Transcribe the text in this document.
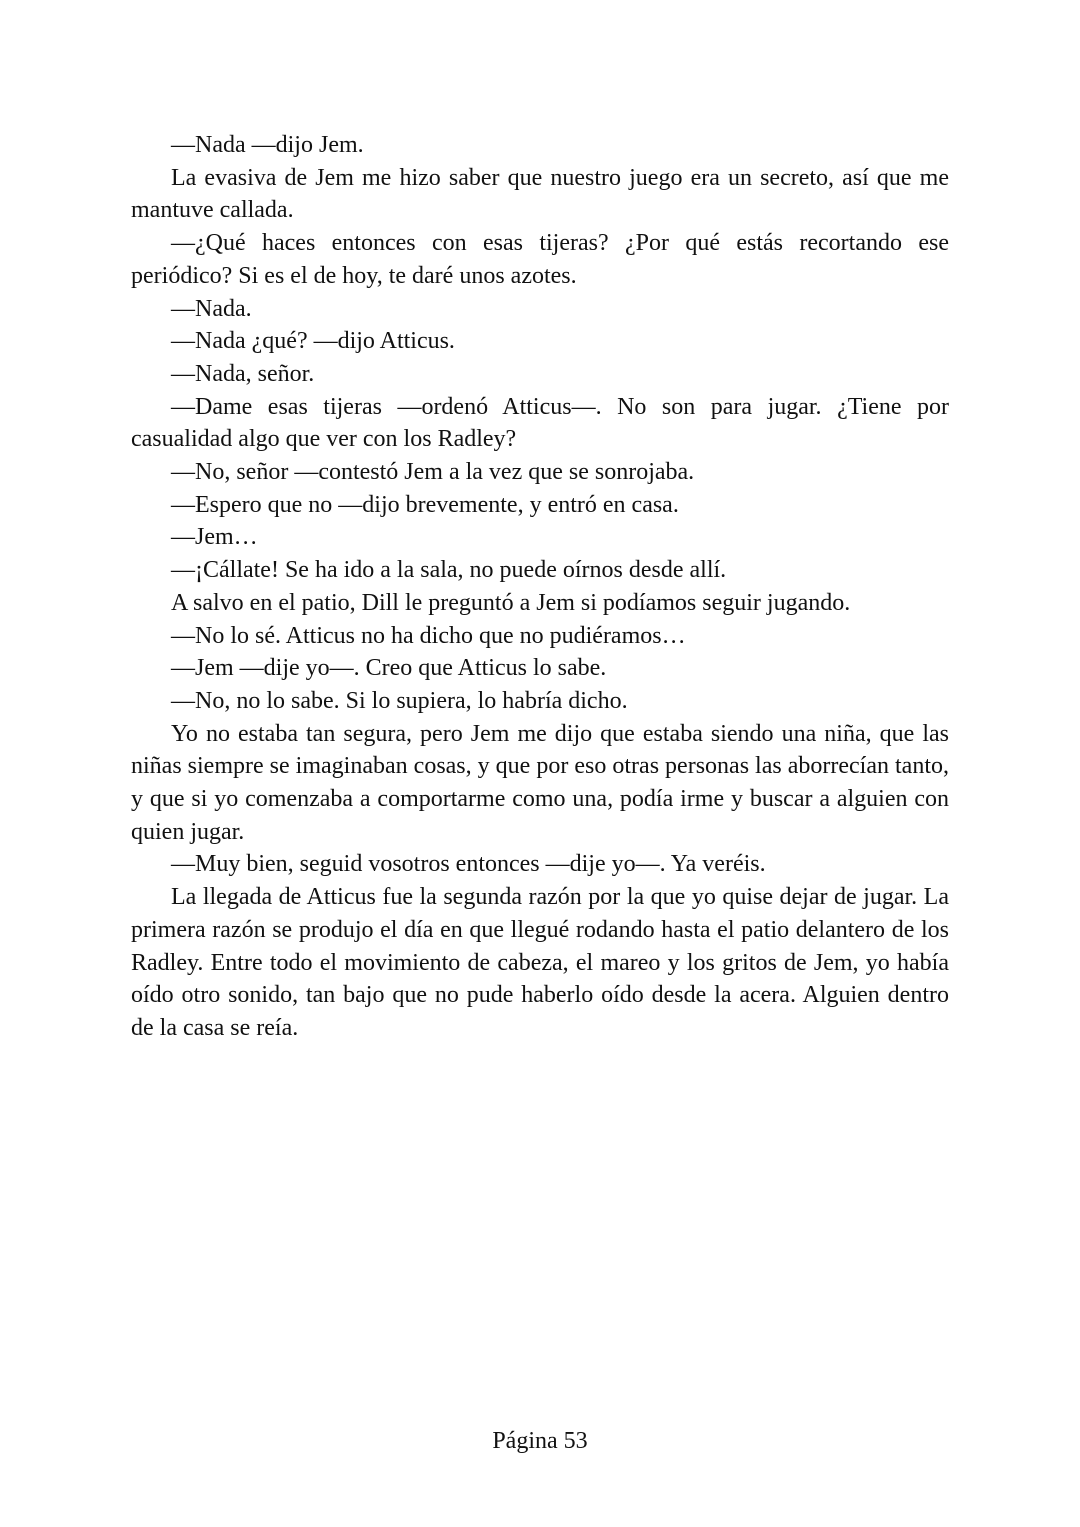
—Nada —dijo Jem.

La evasiva de Jem me hizo saber que nuestro juego era un secreto, así que me mantuve callada.

—¿Qué haces entonces con esas tijeras? ¿Por qué estás recortando ese periódico? Si es el de hoy, te daré unos azotes.

—Nada.

—Nada ¿qué? —dijo Atticus.

—Nada, señor.

—Dame esas tijeras —ordenó Atticus—. No son para jugar. ¿Tiene por casualidad algo que ver con los Radley?

—No, señor —contestó Jem a la vez que se sonrojaba.

—Espero que no —dijo brevemente, y entró en casa.

—Jem…

—¡Cállate! Se ha ido a la sala, no puede oírnos desde allí.

A salvo en el patio, Dill le preguntó a Jem si podíamos seguir jugando.

—No lo sé. Atticus no ha dicho que no pudiéramos…

—Jem —dije yo—. Creo que Atticus lo sabe.

—No, no lo sabe. Si lo supiera, lo habría dicho.

Yo no estaba tan segura, pero Jem me dijo que estaba siendo una niña, que las niñas siempre se imaginaban cosas, y que por eso otras personas las aborrecían tanto, y que si yo comenzaba a comportarme como una, podía irme y buscar a alguien con quien jugar.

—Muy bien, seguid vosotros entonces —dije yo—. Ya veréis.

La llegada de Atticus fue la segunda razón por la que yo quise dejar de jugar. La primera razón se produjo el día en que llegué rodando hasta el patio delantero de los Radley. Entre todo el movimiento de cabeza, el mareo y los gritos de Jem, yo había oído otro sonido, tan bajo que no pude haberlo oído desde la acera. Alguien dentro de la casa se reía.

Página 53
